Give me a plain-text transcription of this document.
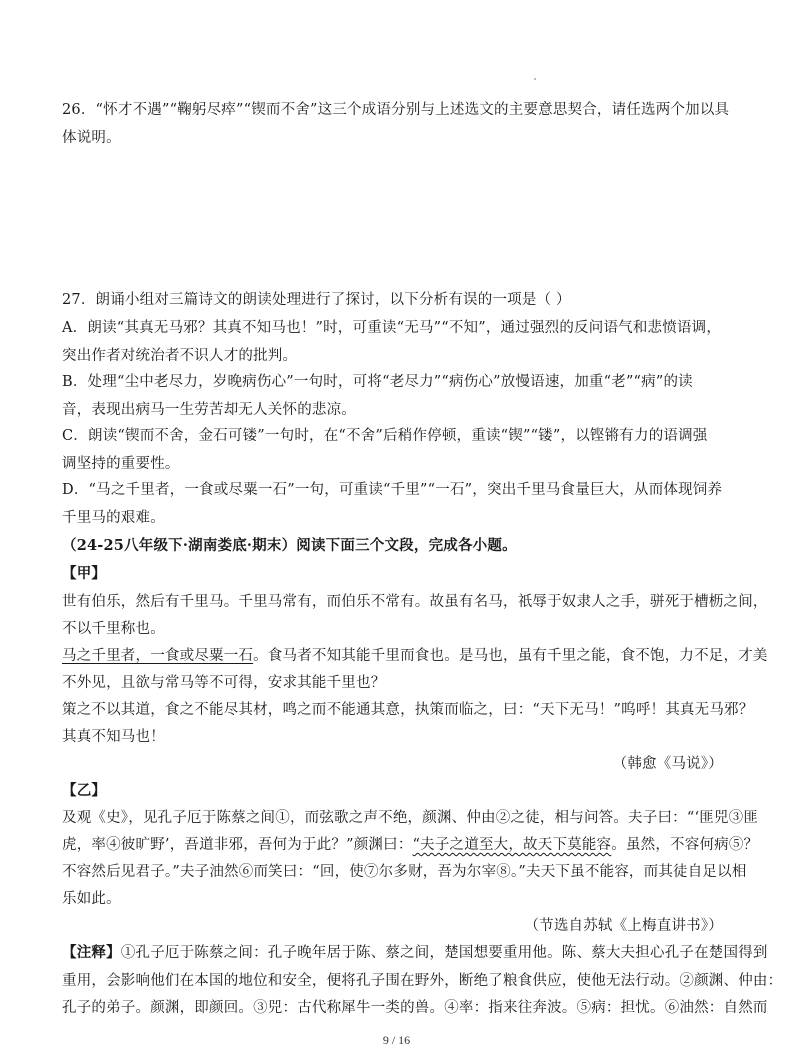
26．“怀才不遇”“鞠躬尽瘁”“锲而不舍”这三个成语分别与上述选文的主要意思契合，请任选两个加以具
体说明。
27．朗诵小组对三篇诗文的朗读处理进行了探讨，以下分析有误的一项是（ ）
A．朗读“其真无马邪？其真不知马也！”时，可重读“无马”“不知”，通过强烈的反问语气和悲愤语调，
突出作者对统治者不识人才的批判。
B．处理“尘中老尽力，岁晚病伤心”一句时，可将“老尽力”“病伤心”放慢语速，加重“老”“病”的读
音，表现出病马一生劳苦却无人关怀的悲凉。
C．朗读“锲而不舍，金石可镂”一句时，在“不舍”后稍作停顿，重读“锲”“镂”，以铿锵有力的语调强
调坚持的重要性。
D．“马之千里者，一食或尽粟一石”一句，可重读“千里”“一石”，突出千里马食量巨大，从而体现饲养
千里马的艰难。
（24-25八年级下·湖南娄底·期末）阅读下面三个文段，完成各小题。
【甲】
世有伯乐，然后有千里马。千里马常有，而伯乐不常有。故虽有名马，祇辱于奴隶人之手，骈死于槽枥之间，
不以千里称也。
马之千里者，一食或尽粟一石。食马者不知其能千里而食也。是马也，虽有千里之能，食不饱，力不足，才美
不外见，且欲与常马等不可得，安求其能千里也？
策之不以其道，食之不能尽其材，鸣之而不能通其意，执策而临之，曰：“天下无马！”呜呼！其真无马邪？
其真不知马也！
（韩愈《马说》）
【乙】
及观《史》，见孔子厄于陈蔡之间①，而弦歌之声不绝，颜渊、仲由②之徒，相与问答。夫子曰：“‘匪兕③匪
虎，率④彼旷野’，吾道非邪，吾何为于此？”颜渊曰：“夫子之道至大，故天下莫能容。虽然，不容何病⑤？
不容然后见君子。”夫子油然⑥而笑曰：“回，使⑦尔多财，吾为尔宰⑧。”夫天下虽不能容，而其徒自足以相
乐如此。
（节选自苏轼《上梅直讲书》）
【注释】①孔子厄于陈蔡之间：孔子晚年居于陈、蔡之间，楚国想要重用他。陈、蔡大夫担心孔子在楚国得到
重用，会影响他们在本国的地位和安全，便将孔子围在野外，断绝了粮食供应，使他无法行动。②颜渊、仲由：
孔子的弟子。颜渊，即颜回。③兕：古代称犀牛一类的兽。④率：指来往奔波。⑤病：担忧。⑥油然：自然而
9 / 16
